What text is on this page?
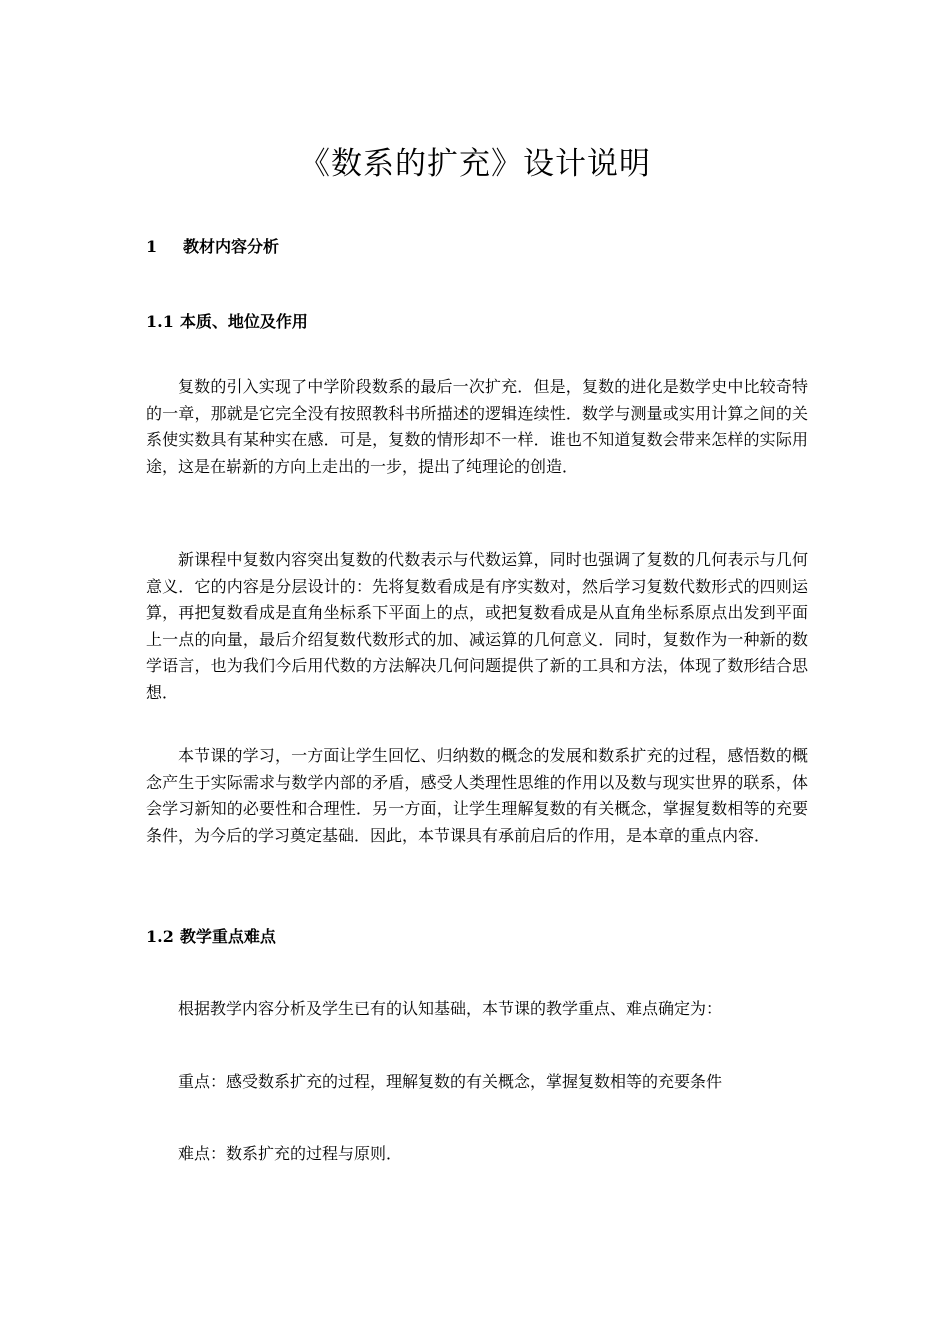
《数系的扩充》设计说明
1 教材内容分析
1.1 本质、地位及作用

复数的引入实现了中学阶段数系的最后一次扩充．但是，复数的进化是数学史中比较奇特的一章，那就是它完全没有按照教科书所描述的逻辑连续性．数学与测量或实用计算之间的关系使实数具有某种实在感．可是，复数的情形却不一样．谁也不知道复数会带来怎样的实际用途，这是在崭新的方向上走出的一步，提出了纯理论的创造．

新课程中复数内容突出复数的代数表示与代数运算，同时也强调了复数的几何表示与几何意义．它的内容是分层设计的：先将复数看成是有序实数对，然后学习复数代数形式的四则运算，再把复数看成是直角坐标系下平面上的点，或把复数看成是从直角坐标系原点出发到平面上一点的向量，最后介绍复数代数形式的加、减运算的几何意义．同时，复数作为一种新的数学语言，也为我们今后用代数的方法解决几何问题提供了新的工具和方法，体现了数形结合思想．

本节课的学习，一方面让学生回忆、归纳数的概念的发展和数系扩充的过程，感悟数的概念产生于实际需求与数学内部的矛盾，感受人类理性思维的作用以及数与现实世界的联系，体会学习新知的必要性和合理性．另一方面，让学生理解复数的有关概念，掌握复数相等的充要条件，为今后的学习奠定基础．因此，本节课具有承前启后的作用，是本章的重点内容．

1.2 教学重点难点

根据教学内容分析及学生已有的认知基础，本节课的教学重点、难点确定为：

重点：感受数系扩充的过程，理解复数的有关概念，掌握复数相等的充要条件

难点：数系扩充的过程与原则．
